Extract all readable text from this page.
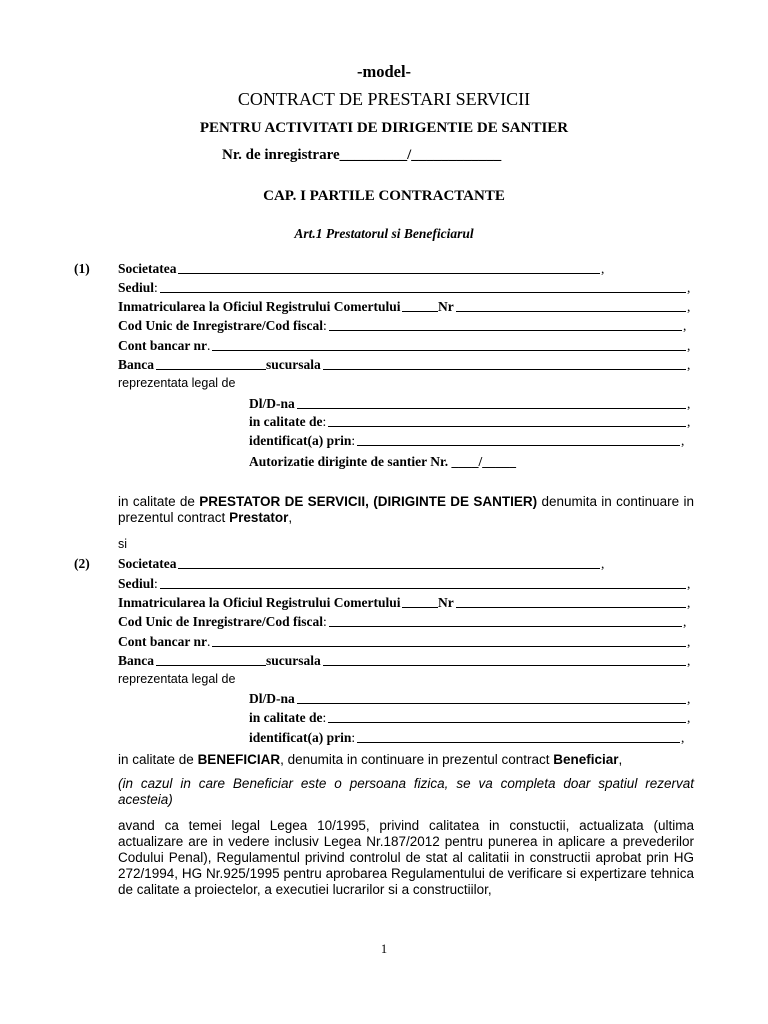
-model-
CONTRACT DE PRESTARI SERVICII
PENTRU ACTIVITATI DE DIRIGENTIE DE SANTIER
Nr. de inregistrare_________/____________
CAP. I PARTILE CONTRACTANTE
Art.1 Prestatorul si Beneficiarul
(1) Societatea	,
Sediul:	,
Inmatricularea la Oficiul Registrului Comertului	Nr	,
Cod Unic de Inregistrare/Cod fiscal:	,
Cont bancar nr.	,
Banca	sucursala	,
reprezentata legal de
Dl/D-na	,
in calitate de:	,
identificat(a) prin:	,
Autorizatie diriginte de santier Nr. ____/_____
in calitate de PRESTATOR DE SERVICII, (DIRIGINTE DE SANTIER) denumita in continuare in prezentul contract Prestator,
si
(2) Societatea	,
Sediul:	,
Inmatricularea la Oficiul Registrului Comertului	Nr	,
Cod Unic de Inregistrare/Cod fiscal:	,
Cont bancar nr.	,
Banca	sucursala	,
reprezentata legal de
Dl/D-na	,
in calitate de:	,
identificat(a) prin:	,
in calitate de BENEFICIAR, denumita in continuare in prezentul contract Beneficiar,
(in cazul in care Beneficiar este o persoana fizica, se va completa doar spatiul rezervat acesteia)
avand ca temei legal Legea 10/1995, privind calitatea in constuctii, actualizata (ultima actualizare are in vedere inclusiv Legea Nr.187/2012 pentru punerea in aplicare a prevederilor Codului Penal), Regulamentul privind controlul de stat al calitatii in constructii aprobat prin HG 272/1994, HG Nr.925/1995 pentru aprobarea Regulamentului de verificare si expertizare tehnica de calitate a proiectelor, a executiei lucrarilor si a constructiilor,
1
